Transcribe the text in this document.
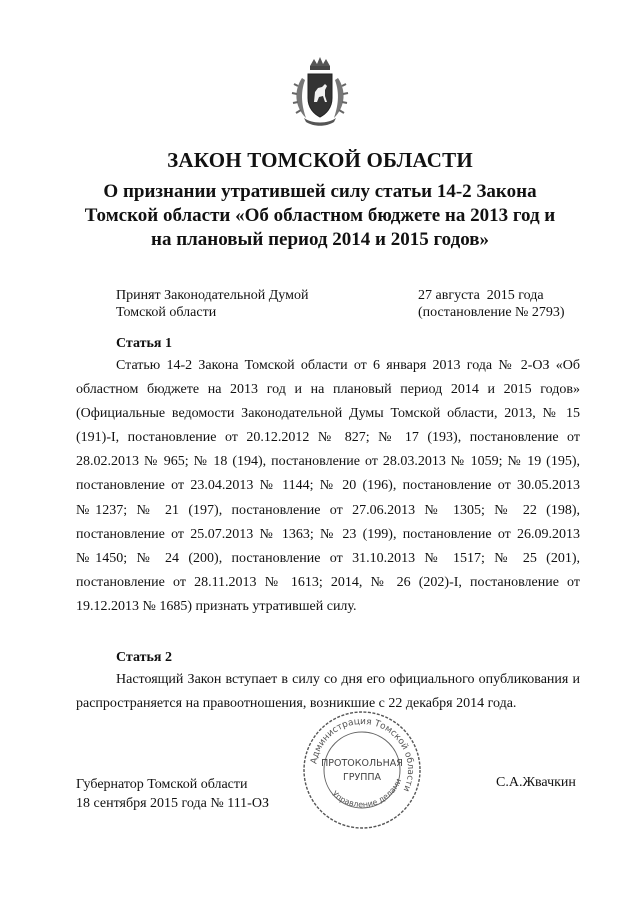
ЗАКОН ТОМСКОЙ ОБЛАСТИ
О признании утратившей силу статьи 14-2 Закона
Томской области «Об областном бюджете на 2013 год и
на плановый период 2014 и 2015 годов»
Принят Законодательной Думой
Томской области
27 августа  2015 года
(постановление № 2793)
Статья 1

Статью 14-2 Закона Томской области от 6 января 2013 года № 2-ОЗ «Об областном бюджете на 2013 год и на плановый период 2014 и 2015 годов» (Официальные ведомости Законодательной Думы Томской области, 2013, № 15 (191)-I, постановление от 20.12.2012 № 827; № 17 (193), постановление от 28.02.2013 № 965; № 18 (194), постановление от 28.03.2013 № 1059; № 19 (195), постановление от 23.04.2013 № 1144; № 20 (196), постановление от 30.05.2013 №1237; № 21 (197), постановление от 27.06.2013 № 1305; № 22 (198), постановление от 25.07.2013 № 1363; № 23 (199), постановление от 26.09.2013 №1450; № 24 (200), постановление от 31.10.2013 № 1517; № 25 (201), постановление от 28.11.2013 № 1613; 2014, № 26 (202)-I, постановление от 19.12.2013 № 1685) признать утратившей силу.

Статья 2

Настоящий Закон вступает в силу со дня его официального опубликования и распространяется на правоотношения, возникшие с 22 декабря 2014 года.

Администрация Томской области
Управление делами
ПРОТОКОЛЬНАЯ
ГРУППА
Губернатор Томской области
18 сентября 2015 года № 111-ОЗ
С.А.Жвачкин
